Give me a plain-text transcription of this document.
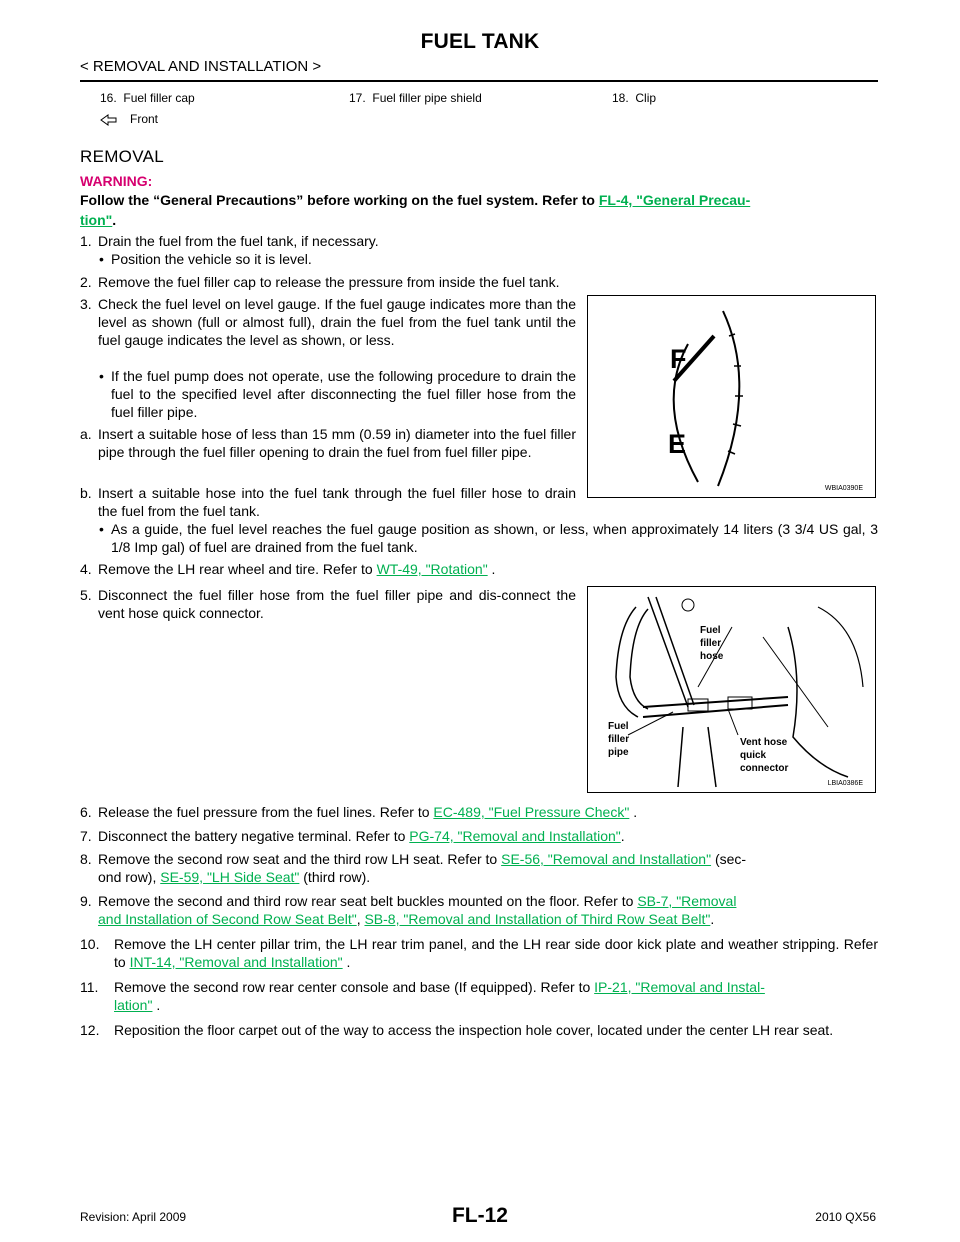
FUEL TANK
< REMOVAL AND INSTALLATION >
16. Fuel filler cap	17. Fuel filler pipe shield	18. Clip
Front
REMOVAL
WARNING:
Follow the “General Precautions” before working on the fuel system. Refer to FL-4, "General Precau-
tion".
1. Drain the fuel from the fuel tank, if necessary.
• Position the vehicle so it is level.
2. Remove the fuel filler cap to release the pressure from inside the fuel tank.
3. Check the fuel level on level gauge. If the fuel gauge indicates more than the level as shown (full or almost full), drain the fuel from the fuel tank until the fuel gauge indicates the level as shown, or less.
• If the fuel pump does not operate, use the following procedure to drain the fuel to the specified level after disconnecting the fuel filler hose from the fuel filler pipe.
a. Insert a suitable hose of less than 15 mm (0.59 in) diameter into the fuel filler pipe through the fuel filler opening to drain the fuel from fuel filler pipe.
b. Insert a suitable hose into the fuel tank through the fuel filler hose to drain the fuel from the fuel tank.
• As a guide, the fuel level reaches the fuel gauge position as shown, or less, when approximately 14 liters (3 3/4 US gal, 3 1/8 Imp gal) of fuel are drained from the fuel tank.
4. Remove the LH rear wheel and tire. Refer to WT-49, "Rotation" .
5. Disconnect the fuel filler hose from the fuel filler pipe and dis-connect the vent hose quick connector.
6. Release the fuel pressure from the fuel lines. Refer to EC-489, "Fuel Pressure Check" .
7. Disconnect the battery negative terminal. Refer to PG-74, "Removal and Installation".
8. Remove the second row seat and the third row LH seat. Refer to SE-56, "Removal and Installation" (sec-
ond row), SE-59, "LH Side Seat" (third row).
9. Remove the second and third row rear seat belt buckles mounted on the floor. Refer to SB-7, "Removal
and Installation of Second Row Seat Belt", SB-8, "Removal and Installation of Third Row Seat Belt".
10. Remove the LH center pillar trim, the LH rear trim panel, and the LH rear side door kick plate and weather stripping. Refer to INT-14, "Removal and Installation" .
11. Remove the second row rear center console and base (If equipped). Refer to IP-21, "Removal and Instal-
lation" .
12. Reposition the floor carpet out of the way to access the inspection hole cover, located under the center LH rear seat.
F
E
WBIA0390E
Fuel
filler
hose
Fuel
filler
pipe
Vent hose
quick
connector
LBIA0386E
Revision: April 2009	FL-12	2010 QX56
